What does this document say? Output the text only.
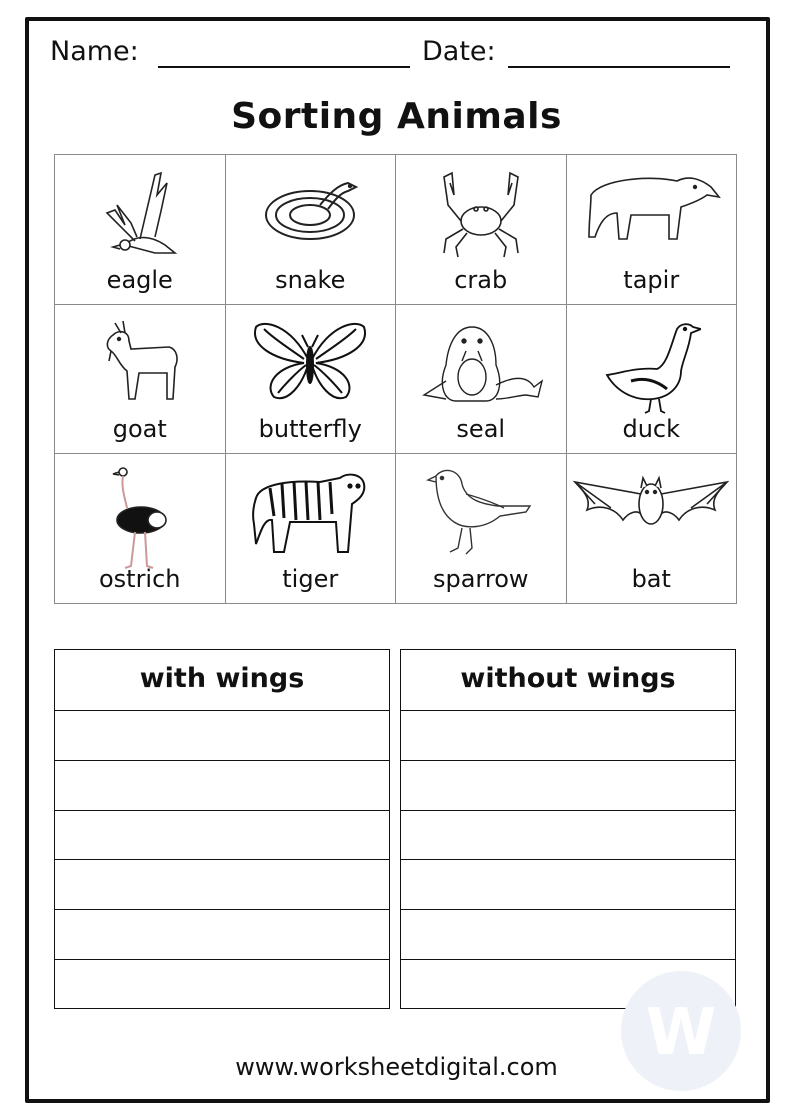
Name:	Date:
Sorting Animals
eagle	snake	crab	tapir
goat	butterfly	seal	duck
ostrich	tiger	sparrow	bat
with wings	without wings
W
www.worksheetdigital.com
